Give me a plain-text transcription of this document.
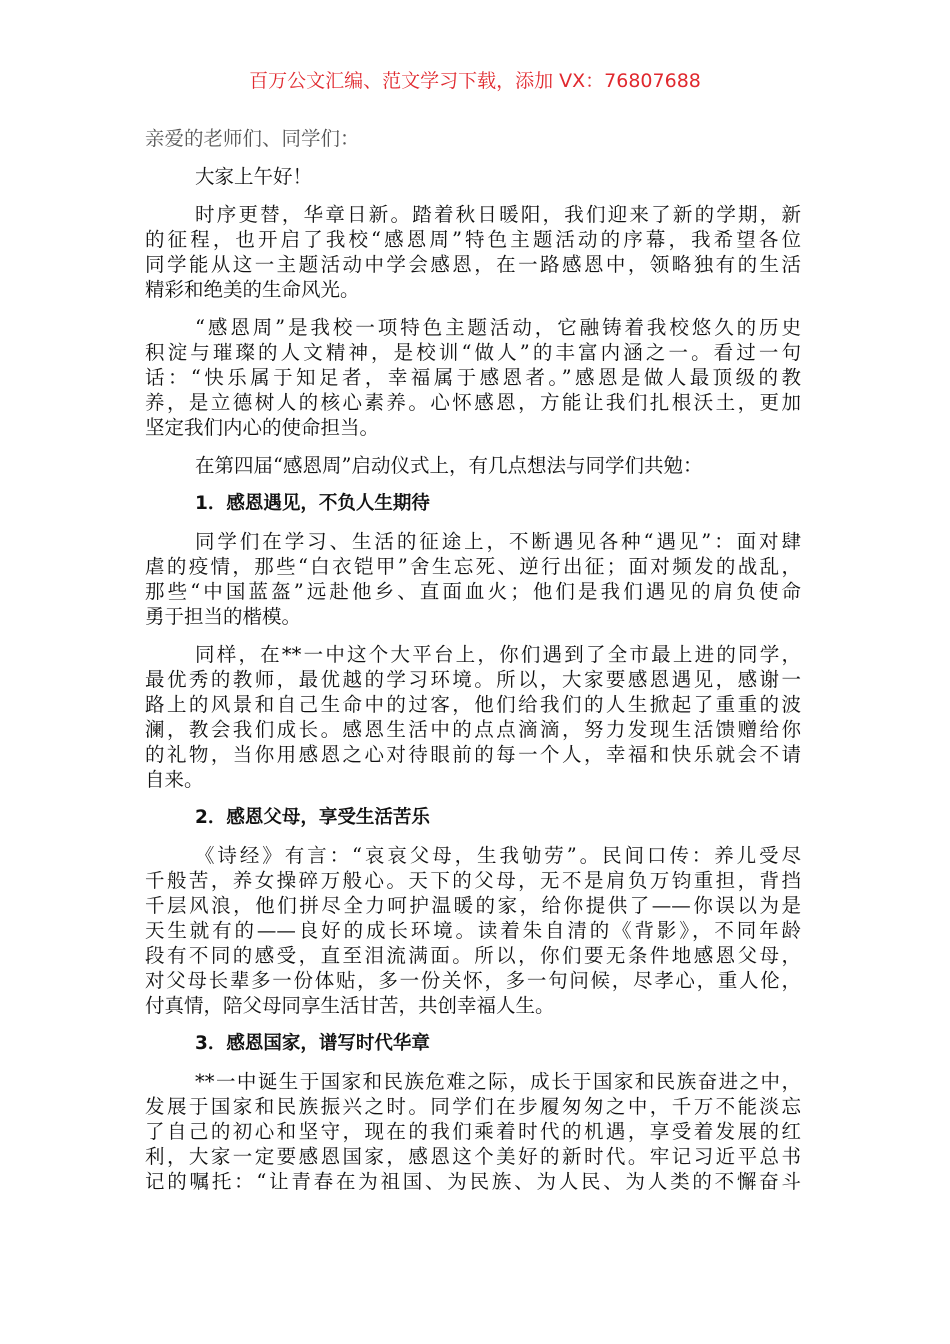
百万公文汇编、范文学习下载，添加 VX：76807688
亲爱的老师们、同学们：
大家上午好！
时序更替，华章日新。踏着秋日暖阳，我们迎来了新的学期，新
的征程，也开启了我校“感恩周”特色主题活动的序幕，我希望各位
同学能从这一主题活动中学会感恩，在一路感恩中，领略独有的生活
精彩和绝美的生命风光。
“感恩周”是我校一项特色主题活动，它融铸着我校悠久的历史
积淀与璀璨的人文精神，是校训“做人”的丰富内涵之一。看过一句
话：“快乐属于知足者，幸福属于感恩者。”感恩是做人最顶级的教
养，是立德树人的核心素养。心怀感恩，方能让我们扎根沃土，更加
坚定我们内心的使命担当。
在第四届“感恩周”启动仪式上，有几点想法与同学们共勉：
1．感恩遇见，不负人生期待
同学们在学习、生活的征途上，不断遇见各种“遇见”：面对肆
虐的疫情，那些“白衣铠甲”舍生忘死、逆行出征；面对频发的战乱，
那些“中国蓝盔”远赴他乡、直面血火；他们是我们遇见的肩负使命
勇于担当的楷模。
同样，在**一中这个大平台上，你们遇到了全市最上进的同学，
最优秀的教师，最优越的学习环境。所以，大家要感恩遇见，感谢一
路上的风景和自己生命中的过客，他们给我们的人生掀起了重重的波
澜，教会我们成长。感恩生活中的点点滴滴，努力发现生活馈赠给你
的礼物，当你用感恩之心对待眼前的每一个人，幸福和快乐就会不请
自来。
2．感恩父母，享受生活苦乐
《诗经》有言：“哀哀父母，生我劬劳”。民间口传：养儿受尽
千般苦，养女操碎万般心。天下的父母，无不是肩负万钧重担，背挡
千层风浪，他们拼尽全力呵护温暖的家，给你提供了——你误以为是
天生就有的——良好的成长环境。读着朱自清的《背影》，不同年龄
段有不同的感受，直至泪流满面。所以，你们要无条件地感恩父母，
对父母长辈多一份体贴，多一份关怀，多一句问候，尽孝心，重人伦，
付真情，陪父母同享生活甘苦，共创幸福人生。
3．感恩国家，谱写时代华章
**一中诞生于国家和民族危难之际，成长于国家和民族奋进之中，
发展于国家和民族振兴之时。同学们在步履匆匆之中，千万不能淡忘
了自己的初心和坚守，现在的我们乘着时代的机遇，享受着发展的红
利，大家一定要感恩国家，感恩这个美好的新时代。牢记习近平总书
记的嘱托：“让青春在为祖国、为民族、为人民、为人类的不懈奋斗
